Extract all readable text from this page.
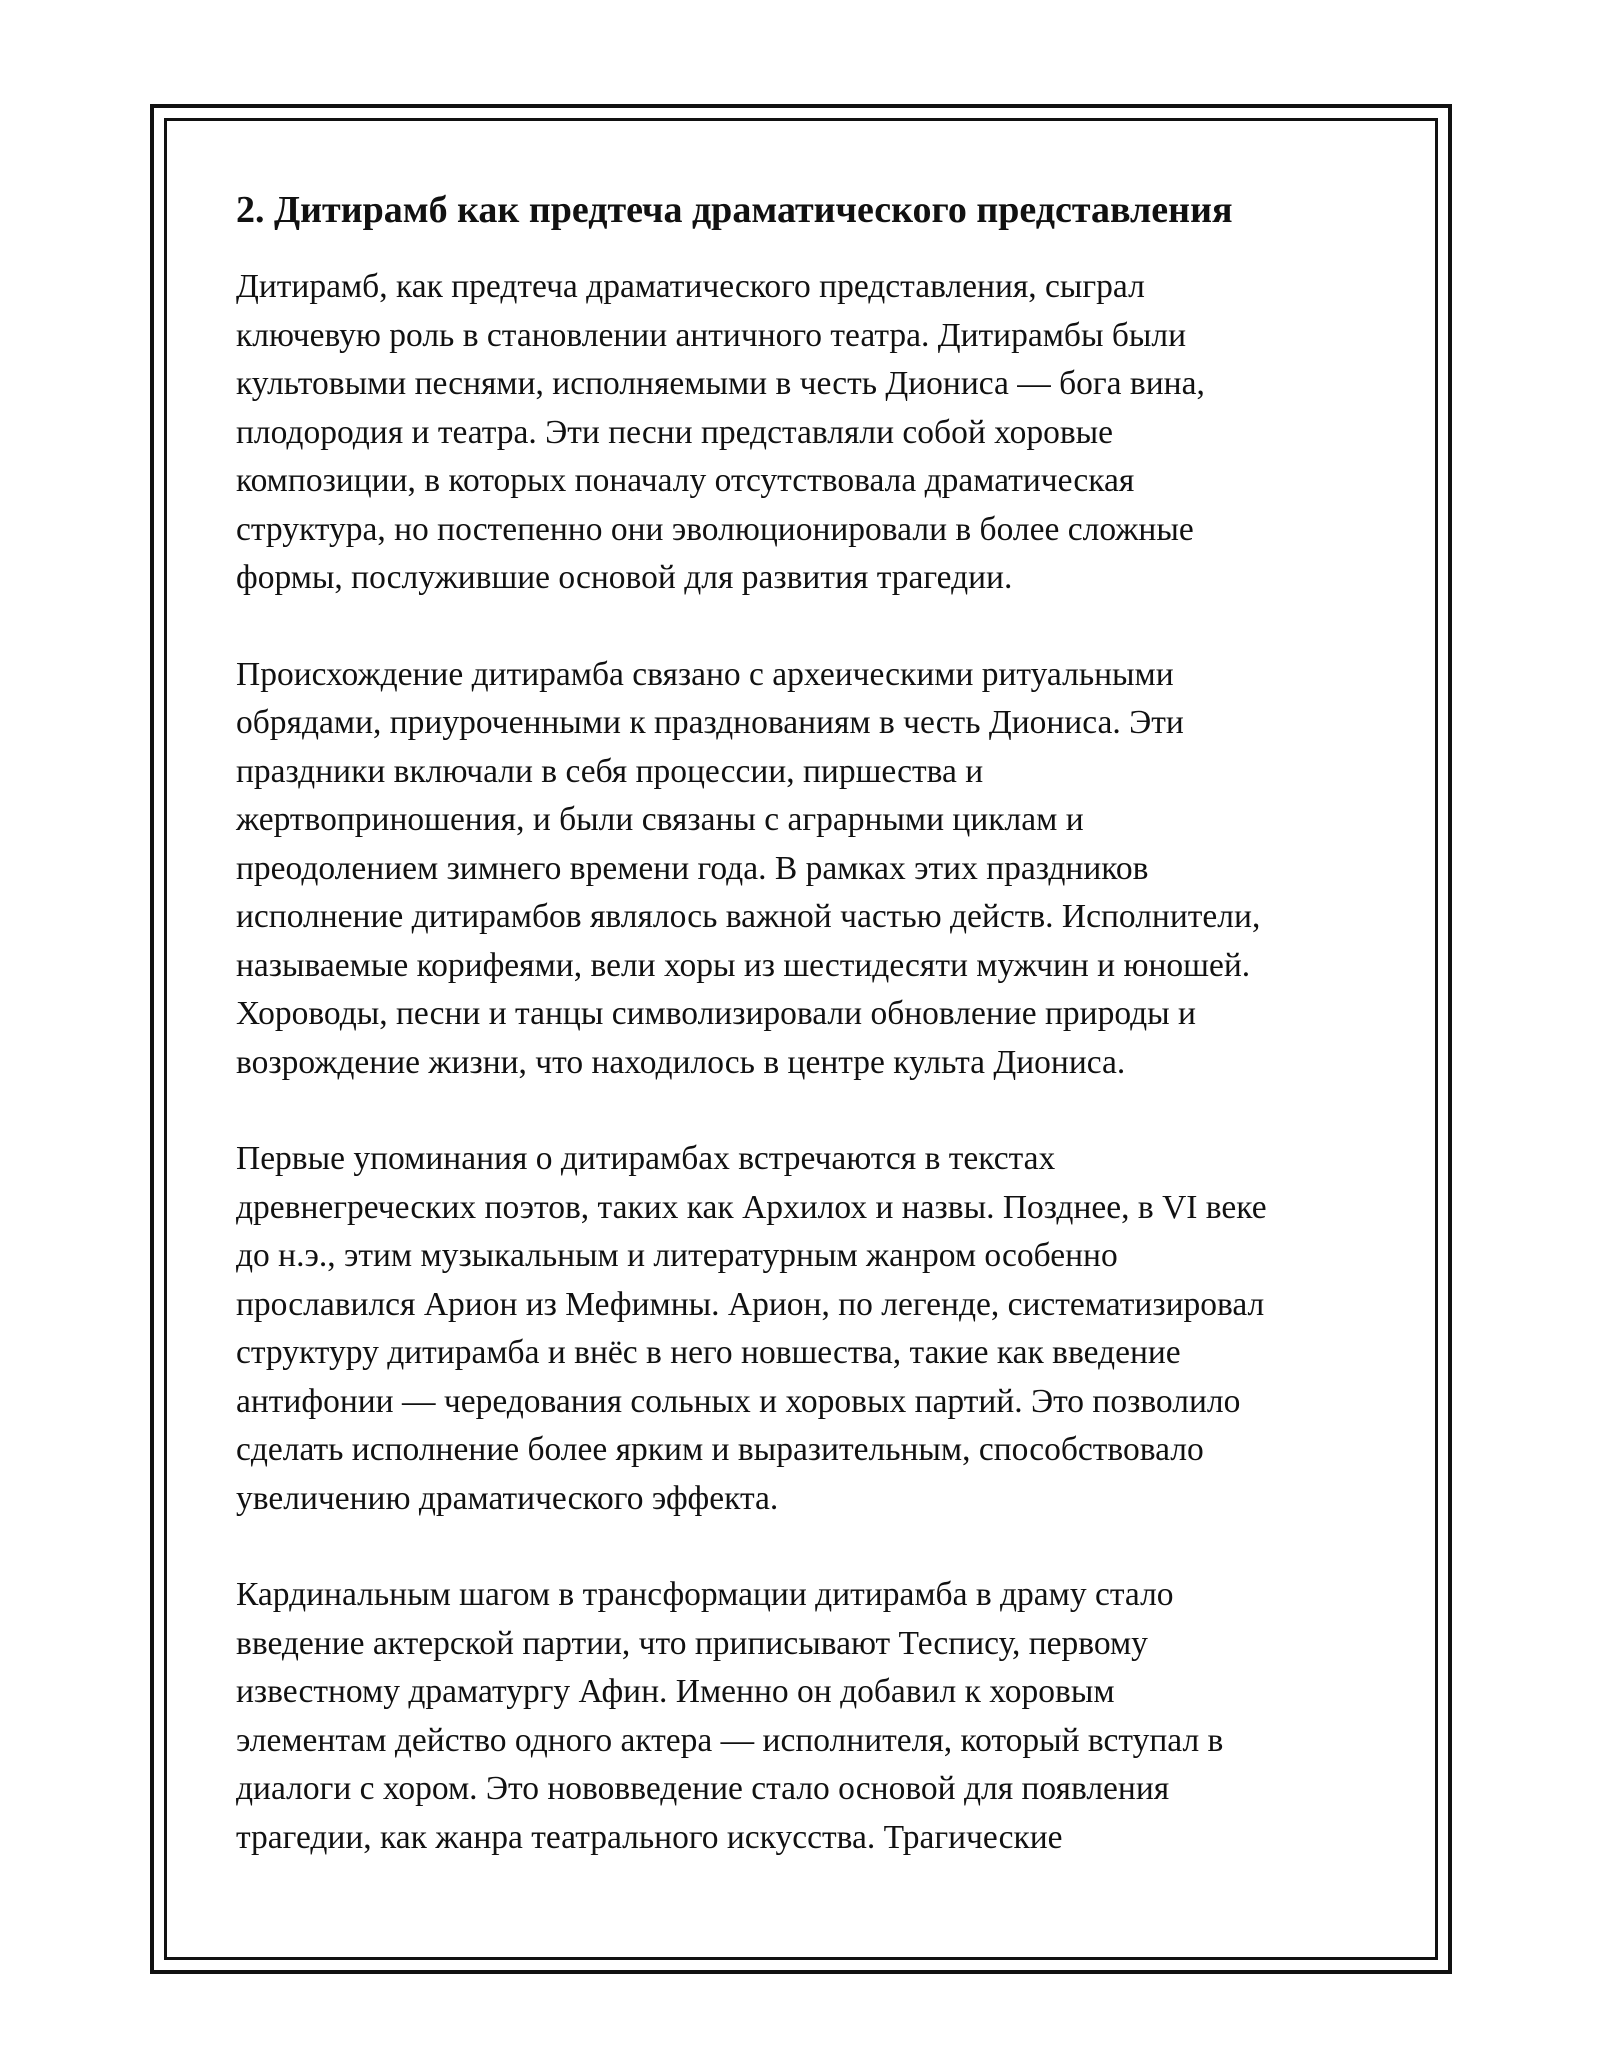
2. Дитирамб как предтеча драматического представления
Дитирамб, как предтеча драматического представления, сыграл
ключевую роль в становлении античного театра. Дитирамбы были
культовыми песнями, исполняемыми в честь Диониса — бога вина,
плодородия и театра. Эти песни представляли собой хоровые
композиции, в которых поначалу отсутствовала драматическая
структура, но постепенно они эволюционировали в более сложные
формы, послужившие основой для развития трагедии.
Происхождение дитирамба связано с археическими ритуальными
обрядами, приуроченными к празднованиям в честь Диониса. Эти
праздники включали в себя процессии, пиршества и
жертвоприношения, и были связаны с аграрными циклам и
преодолением зимнего времени года. В рамках этих праздников
исполнение дитирамбов являлось важной частью действ. Исполнители,
называемые корифеями, вели хоры из шестидесяти мужчин и юношей.
Хороводы, песни и танцы символизировали обновление природы и
возрождение жизни, что находилось в центре культа Диониса.
Первые упоминания о дитирамбах встречаются в текстах
древнегреческих поэтов, таких как Архилох и назвы. Позднее, в VI веке
до н.э., этим музыкальным и литературным жанром особенно
прославился Арион из Мефимны. Арион, по легенде, систематизировал
структуру дитирамба и внёс в него новшества, такие как введение
антифонии — чередования сольных и хоровых партий. Это позволило
сделать исполнение более ярким и выразительным, способствовало
увеличению драматического эффекта.
Кардинальным шагом в трансформации дитирамба в драму стало
введение актерской партии, что приписывают Теспису, первому
известному драматургу Афин. Именно он добавил к хоровым
элементам действо одного актера — исполнителя, который вступал в
диалоги с хором. Это нововведение стало основой для появления
трагедии, как жанра театрального искусства. Трагические
